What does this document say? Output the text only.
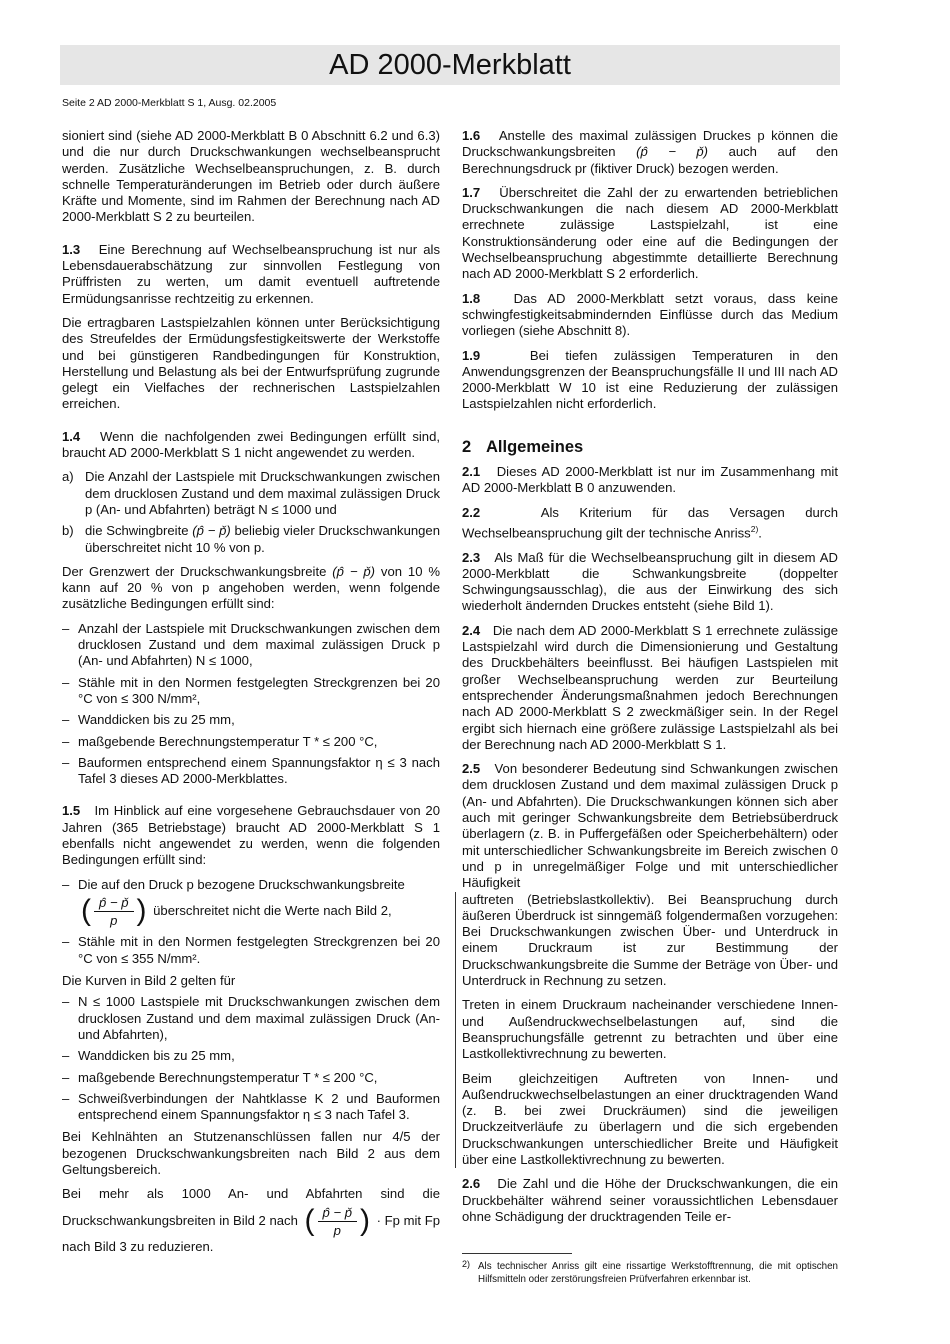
AD 2000-Merkblatt
Seite 2 AD 2000-Merkblatt S 1, Ausg. 02.2005

sioniert sind (siehe AD 2000-Merkblatt B 0 Abschnitt 6.2 und 6.3) und die nur durch Druckschwankungen wechselbeansprucht werden. Zusätzliche Wechselbeanspruchungen, z. B. durch schnelle Temperaturänderungen im Betrieb oder durch äußere Kräfte und Momente, sind im Rahmen der Berechnung nach AD 2000-Merkblatt S 2 zu beurteilen.

1.3 Eine Berechnung auf Wechselbeanspruchung ist nur als Lebensdauerabschätzung zur sinnvollen Festlegung von Prüffristen zu werten, um damit eventuell auftretende Ermüdungsanrisse rechtzeitig zu erkennen.

Die ertragbaren Lastspielzahlen können unter Berücksichtigung des Streufeldes der Ermüdungsfestigkeitswerte der Werkstoffe und bei günstigeren Randbedingungen für Konstruktion, Herstellung und Belastung als bei der Entwurfsprüfung zugrunde gelegt ein Vielfaches der rechnerischen Lastspielzahlen erreichen.

1.4 Wenn die nachfolgenden zwei Bedingungen erfüllt sind, braucht AD 2000-Merkblatt S 1 nicht angewendet zu werden.

a) Die Anzahl der Lastspiele mit Druckschwankungen zwischen dem drucklosen Zustand und dem maximal zulässigen Druck p (An- und Abfahrten) beträgt N ≤ 1000 und
b) die Schwingbreite (p̂ − p̌) beliebig vieler Druckschwankungen überschreitet nicht 10 % von p.

Der Grenzwert der Druckschwankungsbreite (p̂ − p̌) von 10 % kann auf 20 % von p angehoben werden, wenn folgende zusätzliche Bedingungen erfüllt sind:

– Anzahl der Lastspiele mit Druckschwankungen zwischen dem drucklosen Zustand und dem maximal zulässigen Druck p (An- und Abfahrten) N ≤ 1000,
– Stähle mit in den Normen festgelegten Streckgrenzen bei 20 °C von ≤ 300 N/mm²,
– Wanddicken bis zu 25 mm,
– maßgebende Berechnungstemperatur T * ≤ 200 °C,
– Bauformen entsprechend einem Spannungsfaktor η ≤ 3 nach Tafel 3 dieses AD 2000-Merkblattes.

1.5 Im Hinblick auf eine vorgesehene Gebrauchsdauer von 20 Jahren (365 Betriebstage) braucht AD 2000-Merkblatt S 1 ebenfalls nicht angewendet zu werden, wenn die folgenden Bedingungen erfüllt sind:

– Die auf den Druck p bezogene Druckschwankungsbreite

( $\frac{p̂ - p̌}{p}$ ) überschreitet nicht die Werte nach Bild 2,
– Stähle mit in den Normen festgelegten Streckgrenzen bei 20 °C von ≤ 355 N/mm².

Die Kurven in Bild 2 gelten für

– N ≤ 1000 Lastspiele mit Druckschwankungen zwischen dem drucklosen Zustand und dem maximal zulässigen Druck (An- und Abfahrten),
– Wanddicken bis zu 25 mm,
– maßgebende Berechnungstemperatur T * ≤ 200 °C,
– Schweißverbindungen der Nahtklasse K 2 und Bauformen entsprechend einem Spannungsfaktor η ≤ 3 nach Tafel 3.

Bei Kehlnähten an Stutzenanschlüssen fallen nur 4/5 der bezogenen Druckschwankungsbreiten nach Bild 2 aus dem Geltungsbereich.

Bei mehr als 1000 An- und Abfahrten sind die Druckschwankungsbreiten in Bild 2 nach ( $\frac{p̂ - p̌}{p}$ ) · Fp mit Fp nach Bild 3 zu reduzieren.

1.6 Anstelle des maximal zulässigen Druckes p können die Druckschwankungsbreiten (p̂ − p̌) auch auf den Berechnungsdruck pr (fiktiver Druck) bezogen werden.

1.7 Überschreitet die Zahl der zu erwartenden betrieblichen Druckschwankungen die nach diesem AD 2000-Merkblatt errechnete zulässige Lastspielzahl, ist eine Konstruktionsänderung oder eine auf die Bedingungen der Wechselbeanspruchung abgestimmte detaillierte Berechnung nach AD 2000-Merkblatt S 2 erforderlich.

1.8	Das AD 2000-Merkblatt setzt voraus, dass keine schwingfestigkeitsabmindernden Einflüsse durch das Medium vorliegen (siehe Abschnitt 8).

1.9	Bei tiefen zulässigen Temperaturen in den Anwendungsgrenzen der Beanspruchungsfälle II und III nach AD 2000-Merkblatt W 10 ist eine Reduzierung der zulässigen Lastspielzahlen nicht erforderlich.

2 Allgemeines

2.1 Dieses AD 2000-Merkblatt ist nur im Zusammenhang mit AD 2000-Merkblatt B 0 anzuwenden.

2.2	Als Kriterium für das Versagen durch Wechselbeanspruchung gilt der technische Anriss$^{2)}$.

2.3 Als Maß für die Wechselbeanspruchung gilt in diesem AD 2000-Merkblatt die Schwankungsbreite (doppelter Schwingungsausschlag), die aus der Einwirkung des sich wiederholt ändernden Druckes entsteht (siehe Bild 1).

2.4 Die nach dem AD 2000-Merkblatt S 1 errechnete zulässige Lastspielzahl wird durch die Dimensionierung und Gestaltung des Druckbehälters beeinflusst. Bei häufigen Lastspielen mit großer Wechselbeanspruchung werden zur Beurteilung entsprechender Änderungsmaßnahmen jedoch Berechnungen nach AD 2000-Merkblatt S 2 zweckmäßiger sein. In der Regel ergibt sich hiernach eine größere zulässige Lastspielzahl als bei der Berechnung nach AD 2000-Merkblatt S 1.

2.5 Von besonderer Bedeutung sind Schwankungen zwischen dem drucklosen Zustand und dem maximal zulässigen Druck p (An- und Abfahrten). Die Druckschwankungen können sich aber auch mit geringer Schwankungsbreite dem Betriebsüberdruck überlagern (z. B. in Puffergefäßen oder Speicherbehältern) oder mit unterschiedlicher Schwankungsbreite im Bereich zwischen 0 und p in unregelmäßiger Folge und mit unterschiedlicher Häufigkeit

auftreten (Betriebslastkollektiv). Bei Beanspruchung durch äußeren Überdruck ist sinngemäß folgendermaßen vorzugehen: Bei Druckschwankungen zwischen Über- und Unterdruck in einem Druckraum ist zur Bestimmung der Druckschwankungsbreite die Summe der Beträge von Über- und Unterdruck in Rechnung zu setzen.

Treten in einem Druckraum nacheinander verschiedene Innen- und Außendruckwechselbelastungen auf, sind die Beanspruchungsfälle getrennt zu betrachten und über eine Lastkollektivrechnung zu bewerten.

Beim gleichzeitigen Auftreten von Innen- und Außendruckwechselbelastungen an einer drucktragenden Wand (z. B. bei zwei Druckräumen) sind die jeweiligen Druckzeitverläufe zu überlagern und die sich ergebenden Druckschwankungen unterschiedlicher Breite und Häufigkeit über eine Lastkollektivrechnung zu bewerten.

2.6 Die Zahl und die Höhe der Druckschwankungen, die ein Druckbehälter während seiner voraussichtlichen Lebensdauer ohne Schädigung der drucktragenden Teile er-

2) Als technischer Anriss gilt eine rissartige Werkstofftrennung, die mit optischen Hilfsmitteln oder zerstörungsfreien Prüfverfahren erkennbar ist.
